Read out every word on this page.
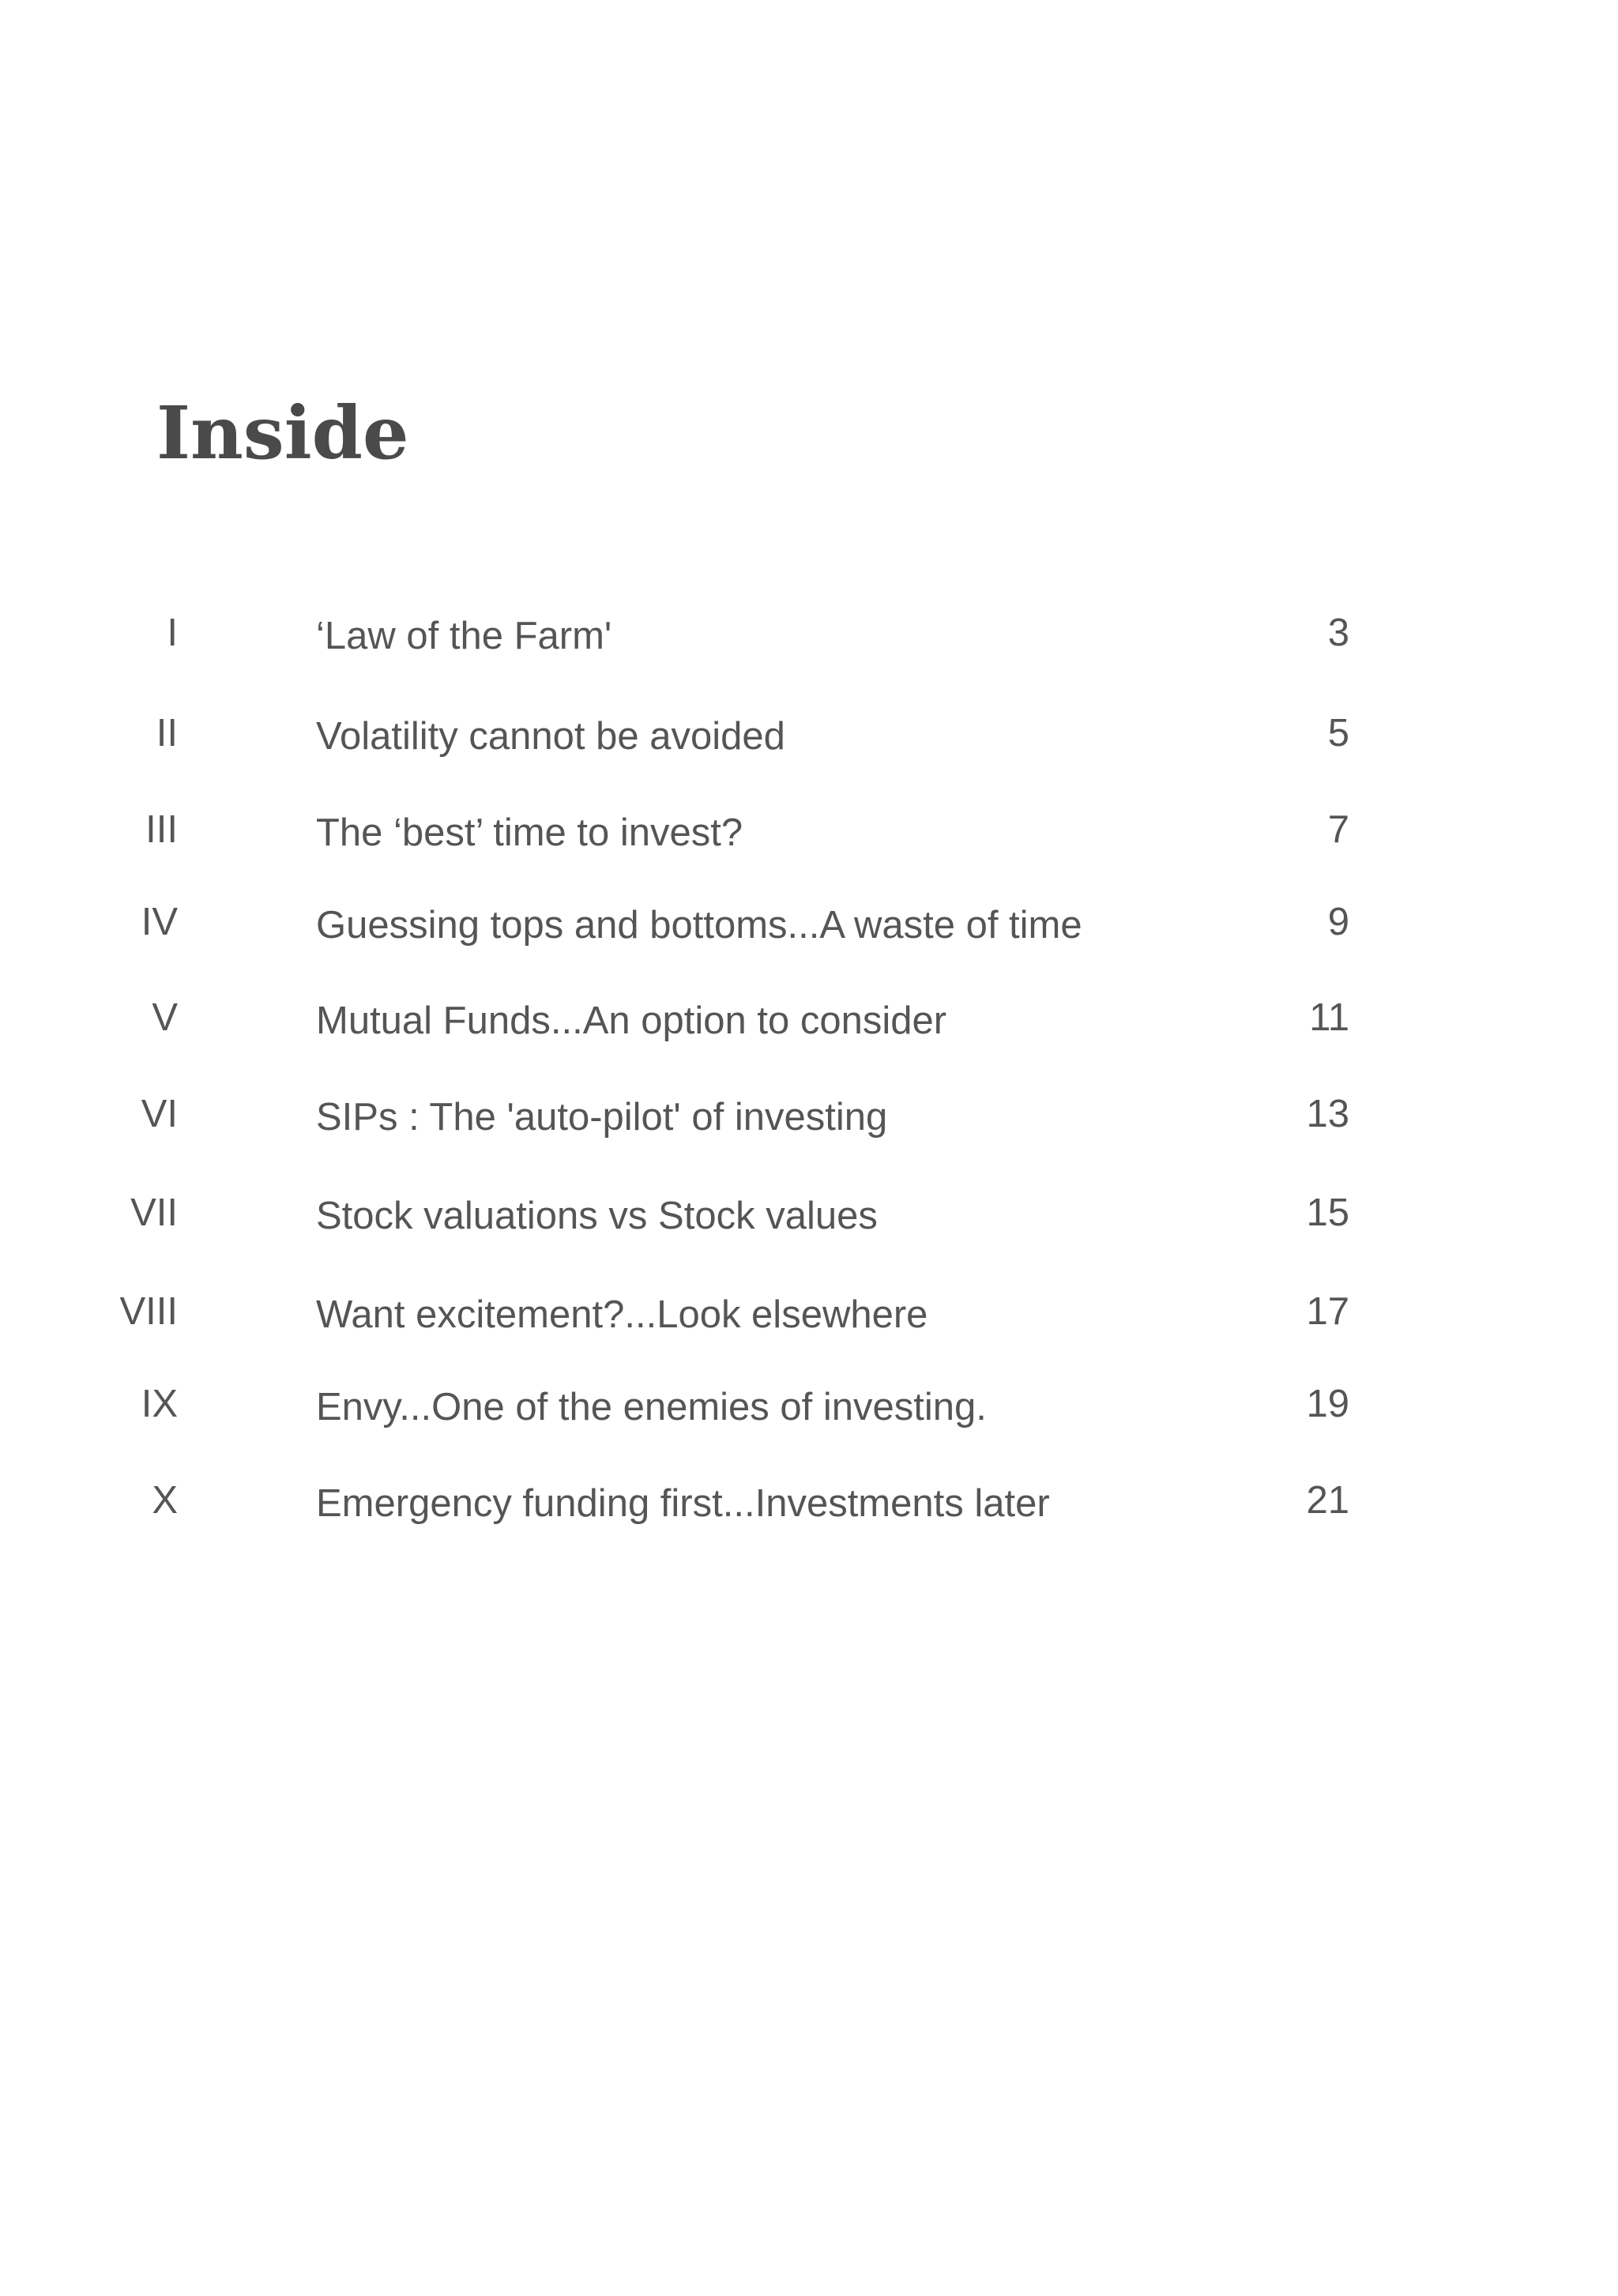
Inside
I	‘Law of the Farm'	3
II	Volatility cannot be avoided	5
III	The ‘best’ time to invest?	7
IV	Guessing tops and bottoms...A waste of time	9
V	Mutual Funds...An option to consider	11
VI	SIPs : The 'auto-pilot' of investing	13
VII	Stock valuations vs Stock values	15
VIII	Want excitement?...Look elsewhere	17
IX	Envy...One of the enemies of investing.	19
X	Emergency funding first...Investments later	21
